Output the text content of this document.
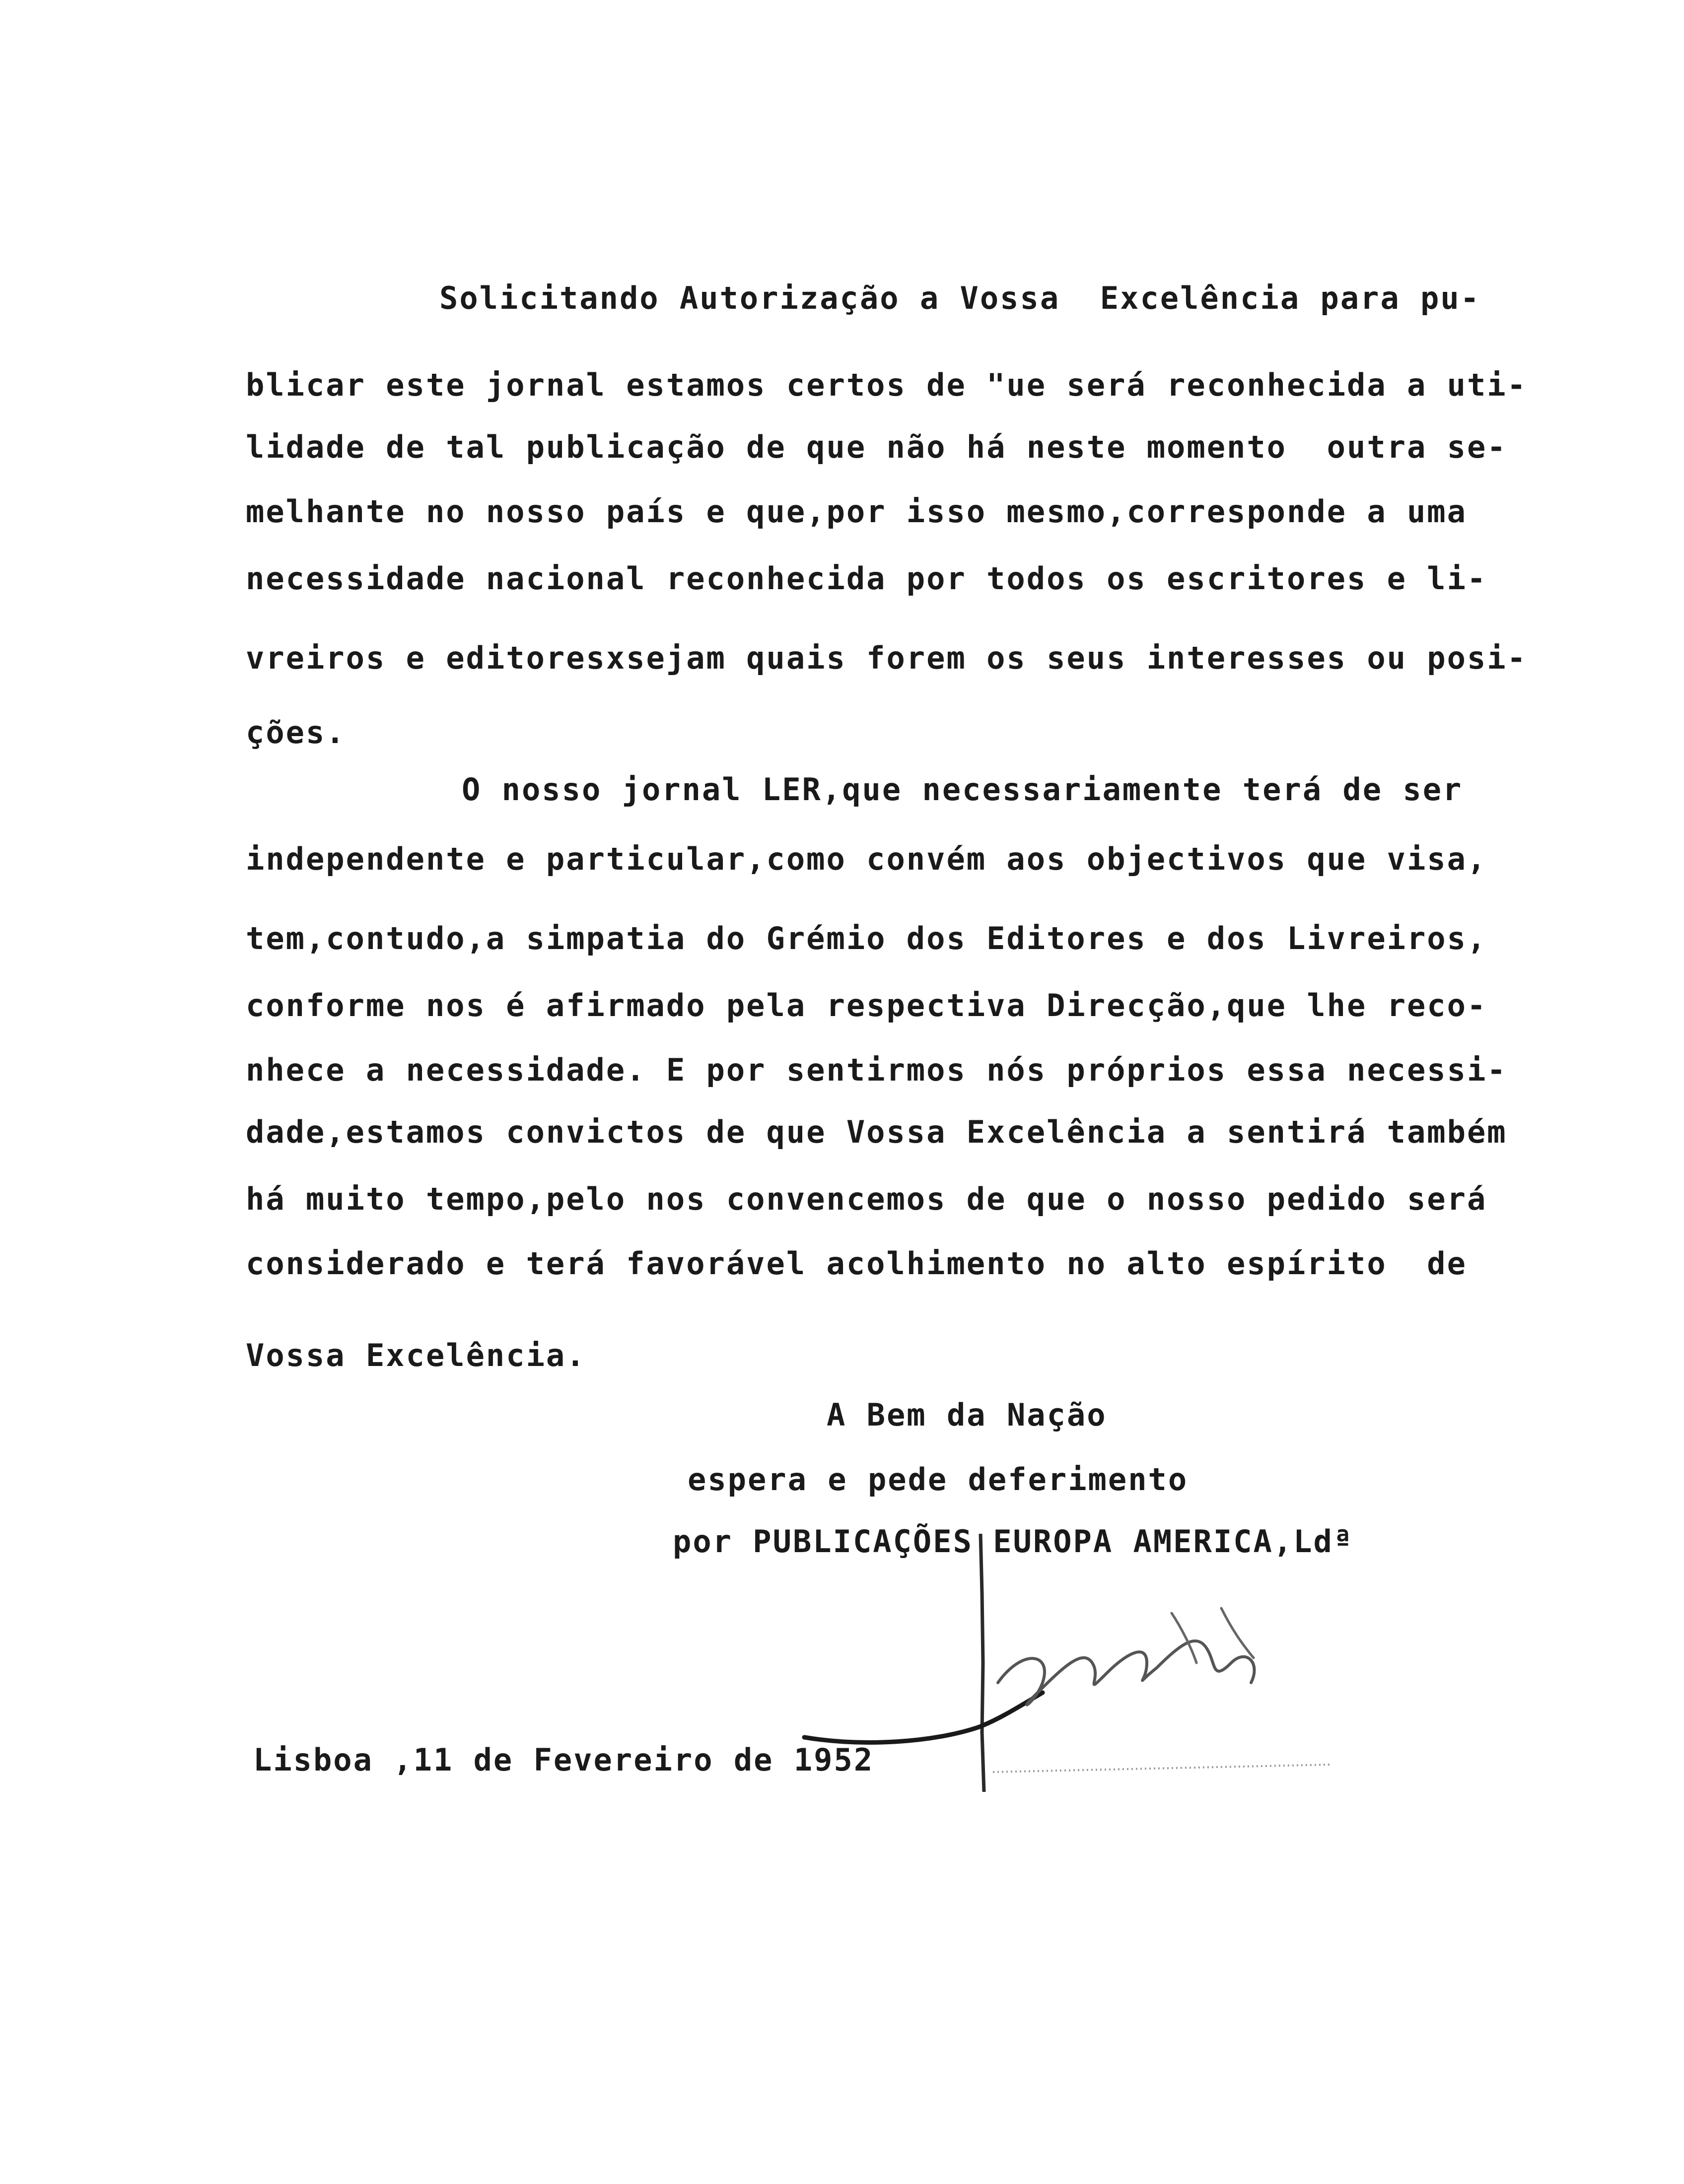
Solicitando Autorização a Vossa  Excelência para pu-
blicar este jornal estamos certos de "ue será reconhecida a uti-
lidade de tal publicação de que não há neste momento  outra se-
melhante no nosso país e que,por isso mesmo,corresponde a uma
necessidade nacional reconhecida por todos os escritores e li-
vreiros e editoresxsejam quais forem os seus interesses ou posi-
ções.
O nosso jornal LER,que necessariamente terá de ser
independente e particular,como convém aos objectivos que visa,
tem,contudo,a simpatia do Grémio dos Editores e dos Livreiros,
conforme nos é afirmado pela respectiva Direcção,que lhe reco-
nhece a necessidade. E por sentirmos nós próprios essa necessi-
dade,estamos convictos de que Vossa Excelência a sentirá também
há muito tempo,pelo nos convencemos de que o nosso pedido será
considerado e terá favorável acolhimento no alto espírito  de
Vossa Excelência.
A Bem da Nação
espera e pede deferimento
por PUBLICAÇÕES EUROPA AMERICA,Ldª
Lisboa ,11 de Fevereiro de 1952
